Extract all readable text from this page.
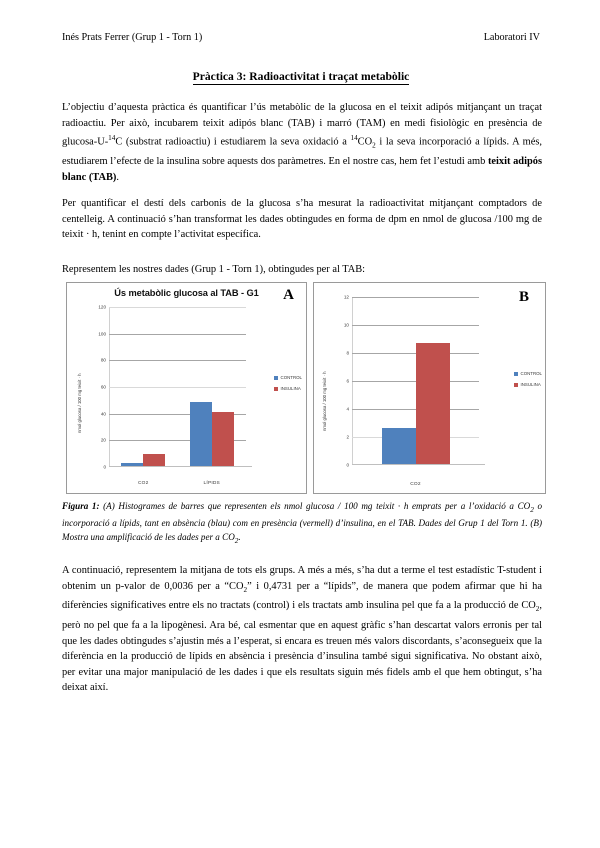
Inés Prats Ferrer (Grup 1 - Torn 1)	Laboratori IV
Pràctica 3: Radioactivitat i traçat metabòlic
L’objectiu d’aquesta pràctica és quantificar l’ús metabòlic de la glucosa en el teixit adipós mitjançant un traçat radioactiu. Per això, incubarem teixit adipós blanc (TAB) i marró (TAM) en medi fisiològic en presència de glucosa-U-$^{14}$C (substrat radioactiu) i estudiarem la seva oxidació a $^{14}CO_2$ i la seva incorporació a lípids. A més, estudiarem l’efecte de la insulina sobre aquests dos paràmetres. En el nostre cas, hem fet l’estudi amb teixit adipós blanc (TAB).
Per quantificar el destí dels carbonis de la glucosa s’ha mesurat la radioactivitat mitjançant comptadors de centelleig. A continuació s’han transformat les dades obtingudes en forma de dpm en nmol de glucosa /100 mg de teixit · h, tenint en compte l’activitat específica.
Representem les nostres dades (Grup 1 - Torn 1), obtingudes per al TAB:
Ús metabòlic glucosa al TAB - G1	A
nmol glucosa / 100 mg teixit · h
120
100
80
60
40
20
0
CO2	LÍPIDS
CONTROL
INSULINA
B
nmol glucosa / 100 mg teixit · h
12
10
8
6
4
2
0
CO2
CONTROL
INSULINA
Figura 1: (A) Histogrames de barres que representen els nmol glucosa / 100 mg teixit · h emprats per a l’oxidació a $CO_2$ o incorporació a lípids, tant en absència (blau) com en presència (vermell) d’insulina, en el TAB. Dades del Grup 1 del Torn 1. (B) Mostra una amplificació de les dades per a $CO_2$.
A continuació, representem la mitjana de tots els grups. A més a més, s’ha dut a terme el test estadístic T-student i obtenim un p-valor de 0,0036 per a “$CO_2$” i 0,4731 per a “lípids”, de manera que podem afirmar que hi ha diferències significatives entre els no tractats (control) i els tractats amb insulina pel que fa a la producció de $CO_2$, però no pel que fa a la lipogènesi. Ara bé, cal esmentar que en aquest gràfic s’han descartat valors erronis per tal que les dades obtingudes s’ajustin més a l’esperat, si encara es treuen més valors discordants, s’aconsegueix que la diferència en la producció de lípids en absència i presència d’insulina també sigui significativa. No obstant això, per evitar una major manipulació de les dades i que els resultats siguin més fidels amb el que hem obtingut, s’ha deixat així.
